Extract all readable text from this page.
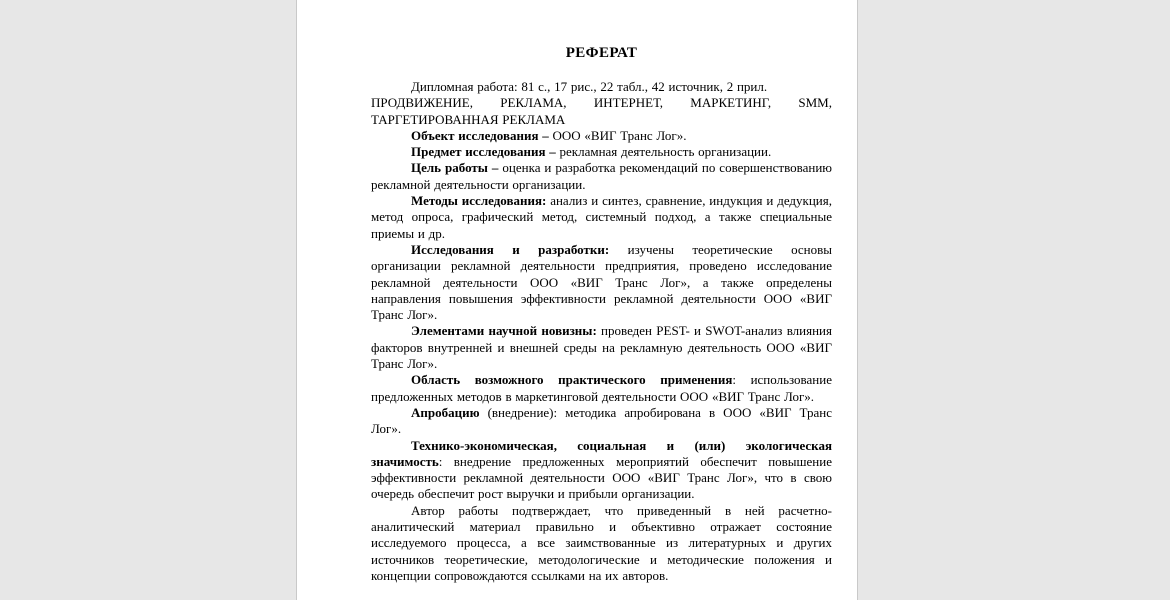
РЕФЕРАТ

Дипломная работа: 81 с., 17 рис., 22 табл., 42 источник, 2 прил.

ПРОДВИЖЕНИЕ, РЕКЛАМА, ИНТЕРНЕТ, МАРКЕТИНГ, SMM, ТАРГЕТИРОВАННАЯ РЕКЛАМА

Объект исследования – ООО «ВИГ Транс Лог».

Предмет исследования – рекламная деятельность организации.

Цель работы – оценка и разработка рекомендаций по совершенствованию рекламной деятельности организации.

Методы исследования: анализ и синтез, сравнение, индукция и дедукция, метод опроса, графический метод, системный подход, а также специальные приемы и др.

Исследования и разработки: изучены теоретические основы организации рекламной деятельности предприятия, проведено исследование рекламной деятельности ООО «ВИГ Транс Лог», а также определены направления повышения эффективности рекламной деятельности ООО «ВИГ Транс Лог».

Элементами научной новизны: проведен PEST- и SWOT-анализ влияния факторов внутренней и внешней среды на рекламную деятельность ООО «ВИГ Транс Лог».

Область возможного практического применения: использование предложенных методов в маркетинговой деятельности ООО «ВИГ Транс Лог».

Апробацию (внедрение): методика апробирована в ООО «ВИГ Транс Лог».

Технико-экономическая, социальная и (или) экологическая значимость: внедрение предложенных мероприятий обеспечит повышение эффективности рекламной деятельности ООО «ВИГ Транс Лог», что в свою очередь обеспечит рост выручки и прибыли организации.

Автор работы подтверждает, что приведенный в ней расчетно-аналитический материал правильно и объективно отражает состояние исследуемого процесса, а все заимствованные из литературных и других источников теоретические, методологические и методические положения и концепции сопровождаются ссылками на их авторов.
